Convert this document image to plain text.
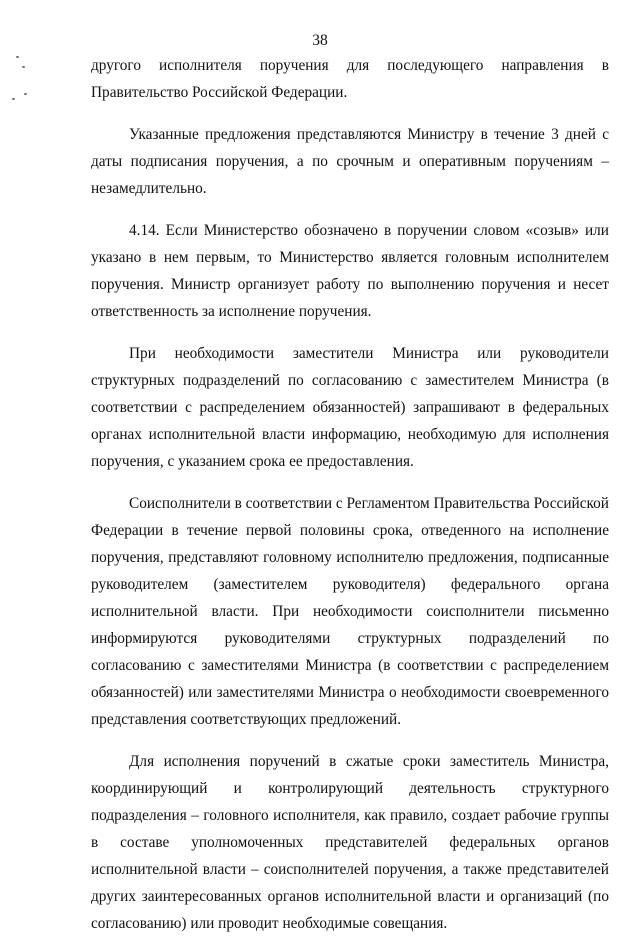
38

другого исполнителя поручения для последующего направления в Правительство Российской Федерации.

Указанные предложения представляются Министру в течение 3 дней с даты подписания поручения, а по срочным и оперативным поручениям – незамедлительно.

4.14. Если Министерство обозначено в поручении словом «созыв» или указано в нем первым, то Министерство является головным исполнителем поручения. Министр организует работу по выполнению поручения и несет ответственность за исполнение поручения.

При необходимости заместители Министра или руководители структурных подразделений по согласованию с заместителем Министра (в соответствии с распределением обязанностей) запрашивают в федеральных органах исполнительной власти информацию, необходимую для исполнения поручения, с указанием срока ее предоставления.

Соисполнители в соответствии с Регламентом Правительства Российской Федерации в течение первой половины срока, отведенного на исполнение поручения, представляют головному исполнителю предложения, подписанные руководителем (заместителем руководителя) федерального органа исполнительной власти. При необходимости соисполнители письменно информируются руководителями структурных подразделений по согласованию с заместителями Министра (в соответствии с распределением обязанностей) или заместителями Министра о необходимости своевременного представления соответствующих предложений.

Для исполнения поручений в сжатые сроки заместитель Министра, координирующий и контролирующий деятельность структурного подразделения – головного исполнителя, как правило, создает рабочие группы в составе уполномоченных представителей федеральных органов исполнительной власти – соисполнителей поручения, а также представителей других заинтересованных органов исполнительной власти и организаций (по согласованию) или проводит необходимые совещания.
